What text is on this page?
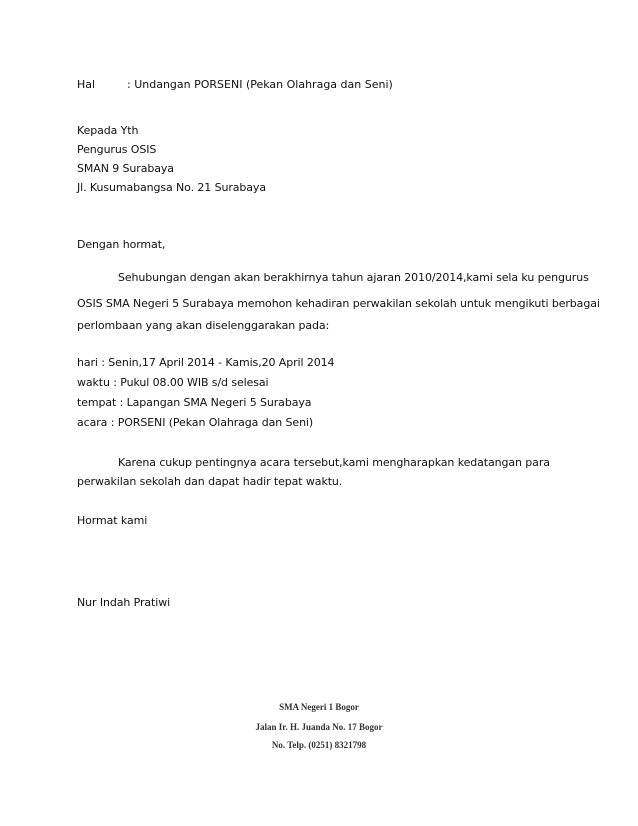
Hal	: Undangan PORSENI (Pekan Olahraga dan Seni)
Kepada Yth
Pengurus OSIS
SMAN 9 Surabaya
Jl. Kusumabangsa No. 21 Surabaya
Dengan hormat,
Sehubungan dengan akan berakhirnya tahun ajaran 2010/2014,kami sela ku pengurus
OSIS SMA Negeri 5 Surabaya memohon kehadiran perwakilan sekolah untuk mengikuti berbagai
perlombaan yang akan diselenggarakan pada:
hari : Senin,17 April 2014 - Kamis,20 April 2014
waktu : Pukul 08.00 WIB s/d selesai
tempat : Lapangan SMA Negeri 5 Surabaya
acara : PORSENI (Pekan Olahraga dan Seni)
Karena cukup pentingnya acara tersebut,kami mengharapkan kedatangan para
perwakilan sekolah dan dapat hadir tepat waktu.
Hormat kami
Nur Indah Pratiwi
SMA Negeri 1 Bogor
Jalan Ir. H. Juanda No. 17 Bogor
No. Telp. (0251) 8321798
